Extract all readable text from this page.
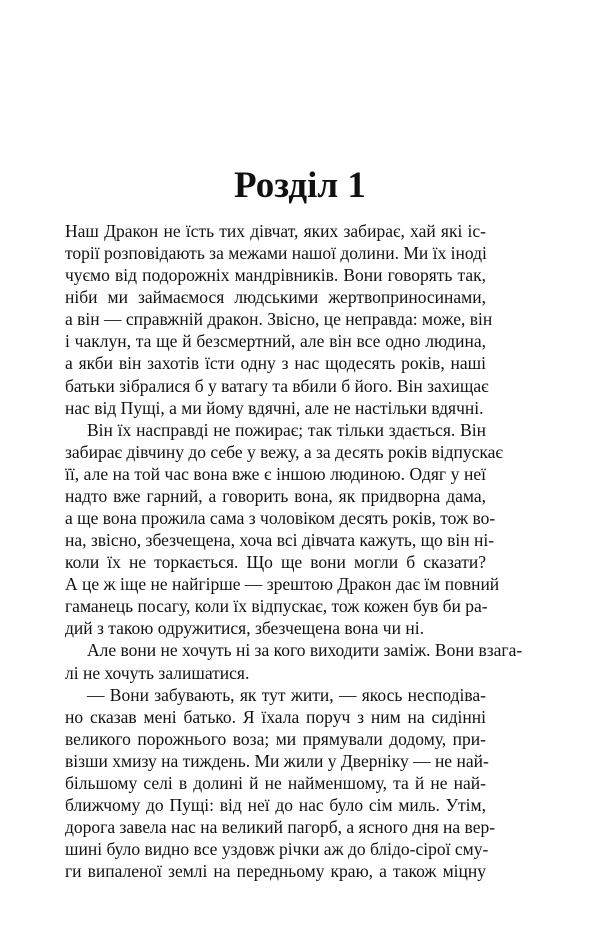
Розділ 1
Наш Дракон не їсть тих дівчат, яких забирає, хай які іс-
торії розповідають за межами нашої долини. Ми їх іноді
чуємо від подорожніх мандрівників. Вони говорять так,
ніби ми займаємося людськими жертвоприносинами,
а він — справжній дракон. Звісно, це неправда: може, він
і чаклун, та ще й безсмертний, але він все одно людина,
а якби він захотів їсти одну з нас щодесять років, наші
батьки зібралися б у ватагу та вбили б його. Він захищає
нас від Пущі, а ми йому вдячні, але не настільки вдячні.
Він їх насправді не пожирає; так тільки здається. Він
забирає дівчину до себе у вежу, а за десять років відпускає
її, але на той час вона вже є іншою людиною. Одяг у неї
надто вже гарний, а говорить вона, як придворна дама,
а ще вона прожила сама з чоловіком десять років, тож во-
на, звісно, збезчещена, хоча всі дівчата кажуть, що він ні-
коли їх не торкається. Що ще вони могли б сказати?
А це ж іще не найгірше — зрештою Дракон дає їм повний
гаманець посагу, коли їх відпускає, тож кожен був би ра-
дий з такою одружитися, збезчещена вона чи ні.
Але вони не хочуть ні за кого виходити заміж. Вони взага-
лі не хочуть залишатися.
— Вони забувають, як тут жити, — якось несподіва-
но сказав мені батько. Я їхала поруч з ним на сидінні
великого порожнього воза; ми прямували додому, при-
візши хмизу на тиждень. Ми жили у Дверніку — не най-
більшому селі в долині й не найменшому, та й не най-
ближчому до Пущі: від неї до нас було сім миль. Утім,
дорога завела нас на великий пагорб, а ясного дня на вер-
шині було видно все уздовж річки аж до блідо-сірої сму-
ги випаленої землі на передньому краю, а також міцну
